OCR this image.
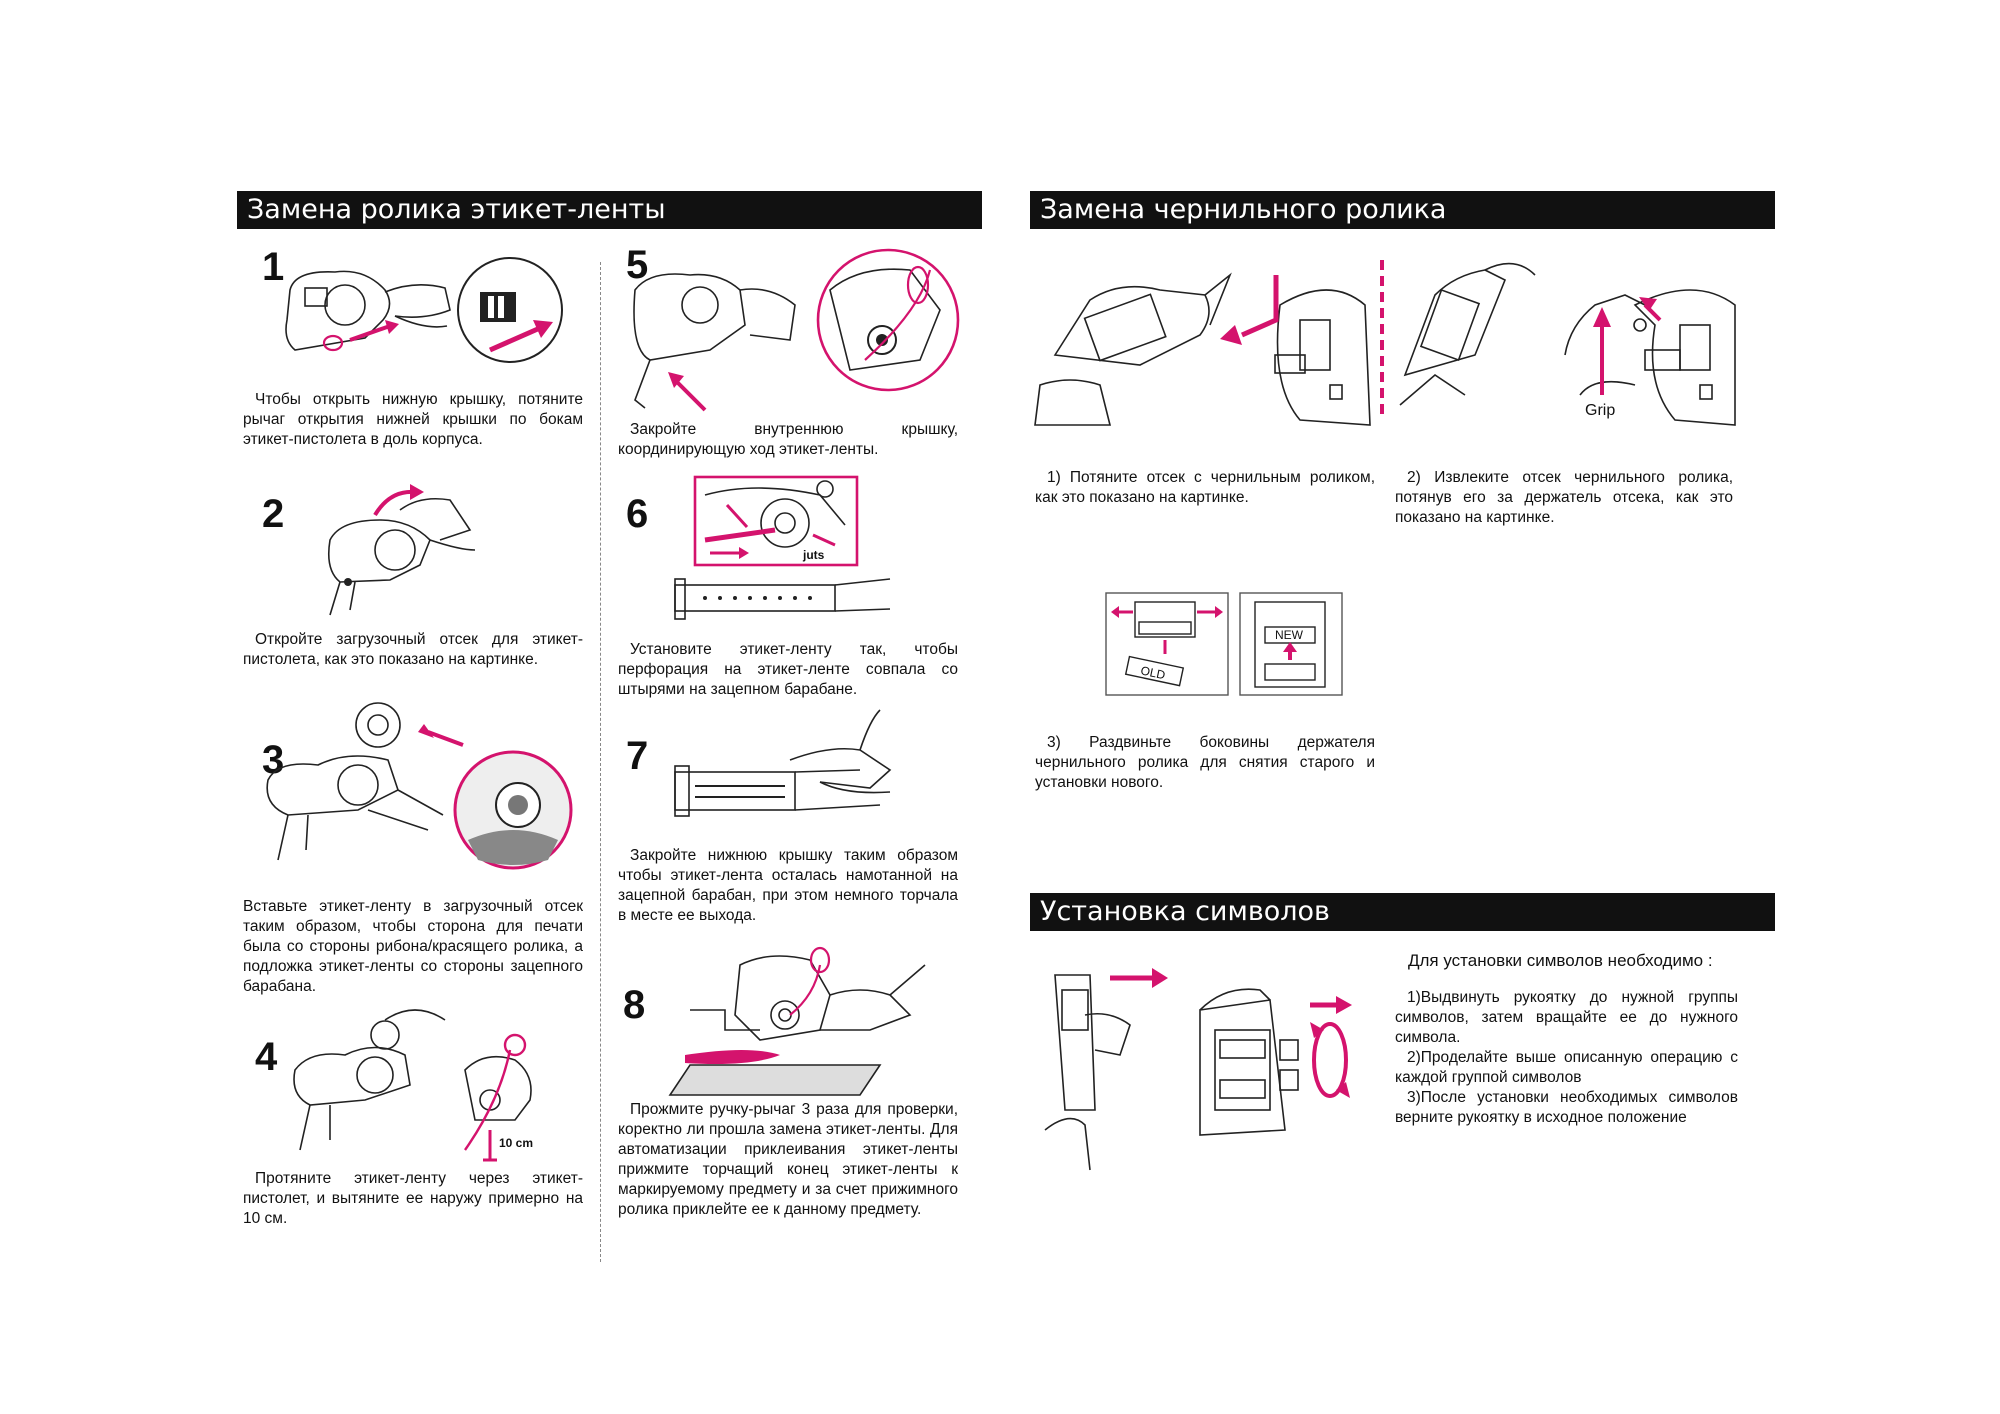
Замена ролика этикет-ленты
1
Чтобы открыть нижную крышку, потяните рычаг открытия нижней крышки по бокам этикет-пистолета в доль корпуса.
2
Откройте загрузочный отсек для этикет-пистолета, как это показано на картинке.
3
Вставьте этикет-ленту в загрузочный отсек таким образом, чтобы сторона для печати была со стороны рибона/красящего ролика, а подложка этикет-ленты со стороны зацепного барабана.
4
10 cm
Протяните этикет-ленту через этикет-пистолет, и вытяните ее наружу примерно на 10 см.
5
Закройте внутреннюю крышку, координирующую ход этикет-ленты.
6
juts
Установите этикет-ленту так, чтобы перфорация на этикет-ленте совпала со штырями на зацепном барабане.
7
Закройте нижнюю крышку таким образом чтобы этикет-лента осталась намотанной на зацепной барабан, при этом немного торчала в месте ее выхода.
8
Прожмите ручку-рычаг 3 раза для проверки, коректно ли прошла замена этикет-ленты. Для автоматизации приклеивания этикет-ленты прижмите торчащий конец этикет-ленты к маркируемому предмету и за счет прижимного ролика приклейте ее к данному предмету.
Замена чернильного ролика
Grip
1) Потяните отсек с чернильным роликом, как это показано на картинке.
2) Извлеките отсек чернильного ролика, потянув его за держатель отсека, как это показано на картинке.
OLD
NEW
3) Раздвиньте боковины держателя чернильного ролика для снятия старого и установки нового.
Установка символов
Для установки символов необходимо :
1)Выдвинуть рукоятку до нужной группы символов, затем вращайте ее до нужного символа.
2)Проделайте выше описанную операцию с каждой группой символов
3)После установки необходимых символов верните рукоятку в исходное положение
